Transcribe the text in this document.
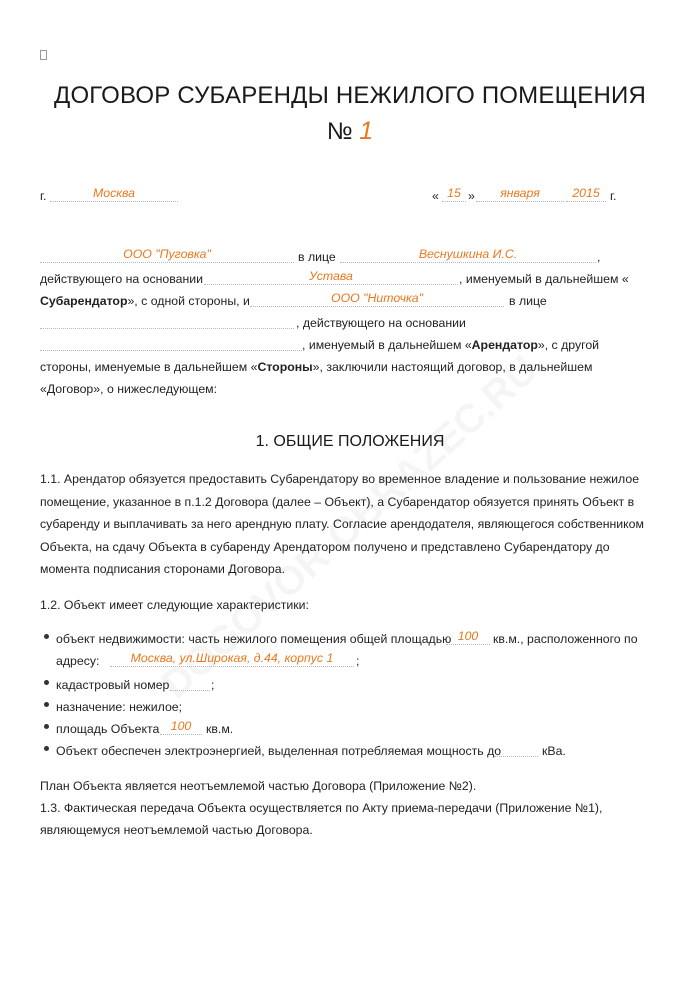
ДОГОВОР СУБАРЕНДЫ НЕЖИЛОГО ПОМЕЩЕНИЯ
№ 1
г.	Москва	« 15 »	января	2015 г.
ООО "Пуговка"	в лице	Веснушкина И.С.	,
действующего на основании	Устава	, именуемый в дальнейшем «
Субарендатор», с одной стороны, и	ООО "Ниточка"	в лице
, действующего на основании
, именуемый в дальнейшем «Арендатор», с другой
стороны, именуемые в дальнейшем «Стороны», заключили настоящий договор, в дальнейшем
«Договор», о нижеследующем:
1. ОБЩИЕ ПОЛОЖЕНИЯ
1.1. Арендатор обязуется предоставить Субарендатору во временное владение и пользование нежилое
помещение, указанное в п.1.2 Договора (далее – Объект), а Субарендатор обязуется принять Объект в
субаренду и выплачивать за него арендную плату. Согласие арендодателя, являющегося собственником
Объекта, на сдачу Объекта в субаренду Арендатором получено и представлено Субарендатору до
момента подписания сторонами Договора.
1.2. Объект имеет следующие характеристики:
объект недвижимости: часть нежилого помещения общей площадью 100	кв.м., расположенного по
адресу:	Москва, ул.Широкая, д.44, корпус 1	;
кадастровый номер	;
назначение: нежилое;
площадь Объекта 100	кв.м.
Объект обеспечен электроэнергией, выделенная потребляемая мощность до	кВа.
План Объекта является неотъемлемой частью Договора (Приложение №2).
1.3. Фактическая передача Объекта осуществляется по Акту приема-передачи (Приложение №1),
являющемуся неотъемлемой частью Договора.
